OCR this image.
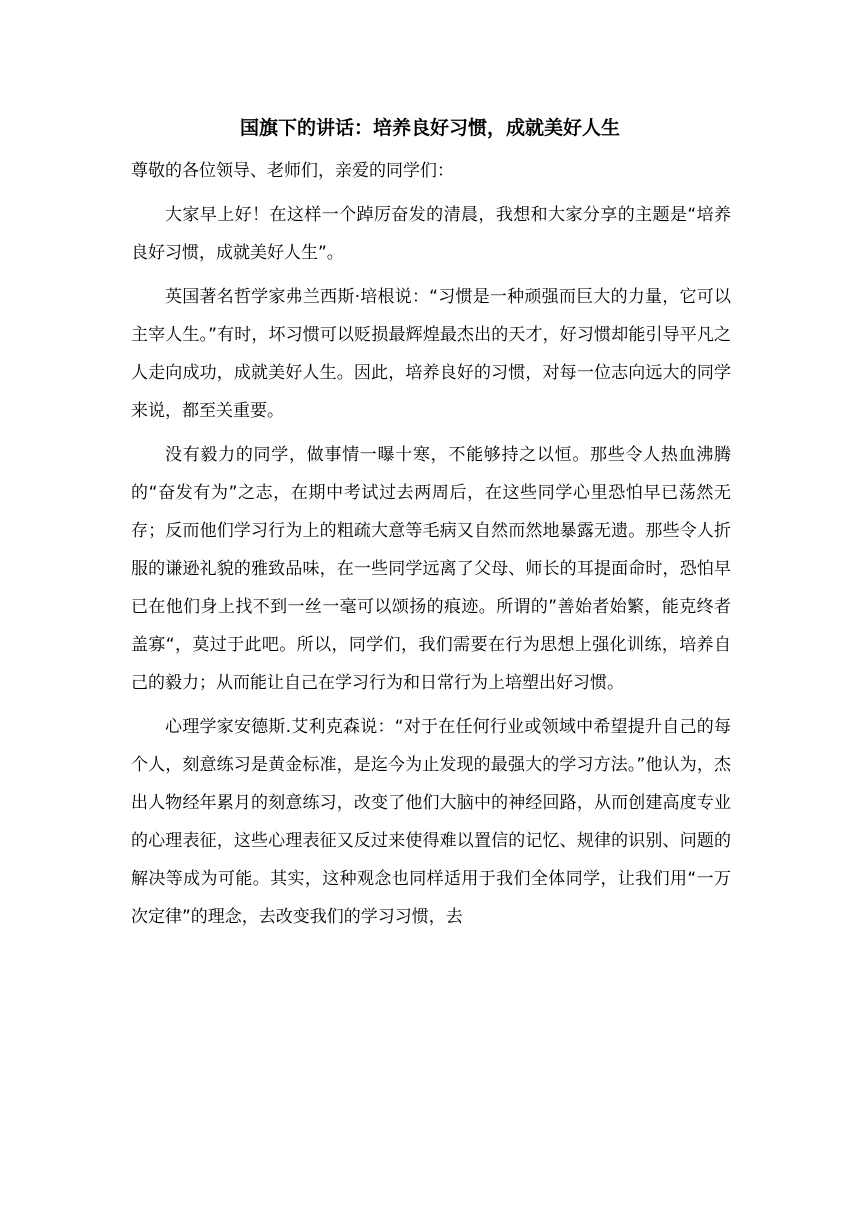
国旗下的讲话：培养良好习惯，成就美好人生

尊敬的各位领导、老师们，亲爱的同学们：

大家早上好！在这样一个踔厉奋发的清晨，我想和大家分享的主题是“培养良好习惯，成就美好人生”。

英国著名哲学家弗兰西斯·培根说：“习惯是一种顽强而巨大的力量，它可以主宰人生。”有时，坏习惯可以贬损最辉煌最杰出的天才，好习惯却能引导平凡之人走向成功，成就美好人生。因此，培养良好的习惯，对每一位志向远大的同学来说，都至关重要。

没有毅力的同学，做事情一曝十寒，不能够持之以恒。那些令人热血沸腾的“奋发有为”之志，在期中考试过去两周后，在这些同学心里恐怕早已荡然无存；反而他们学习行为上的粗疏大意等毛病又自然而然地暴露无遗。那些令人折服的谦逊礼貌的雅致品味，在一些同学远离了父母、师长的耳提面命时，恐怕早已在他们身上找不到一丝一毫可以颂扬的痕迹。所谓的”善始者始繁，能克终者盖寡“，莫过于此吧。所以，同学们，我们需要在行为思想上强化训练，培养自己的毅力；从而能让自己在学习行为和日常行为上培塑出好习惯。

心理学家安德斯.艾利克森说：“对于在任何行业或领域中希望提升自己的每个人，刻意练习是黄金标准，是迄今为止发现的最强大的学习方法。”他认为，杰出人物经年累月的刻意练习，改变了他们大脑中的神经回路，从而创建高度专业的心理表征，这些心理表征又反过来使得难以置信的记忆、规律的识别、问题的解决等成为可能。其实，这种观念也同样适用于我们全体同学，让我们用“一万次定律”的理念，去改变我们的学习习惯，去
